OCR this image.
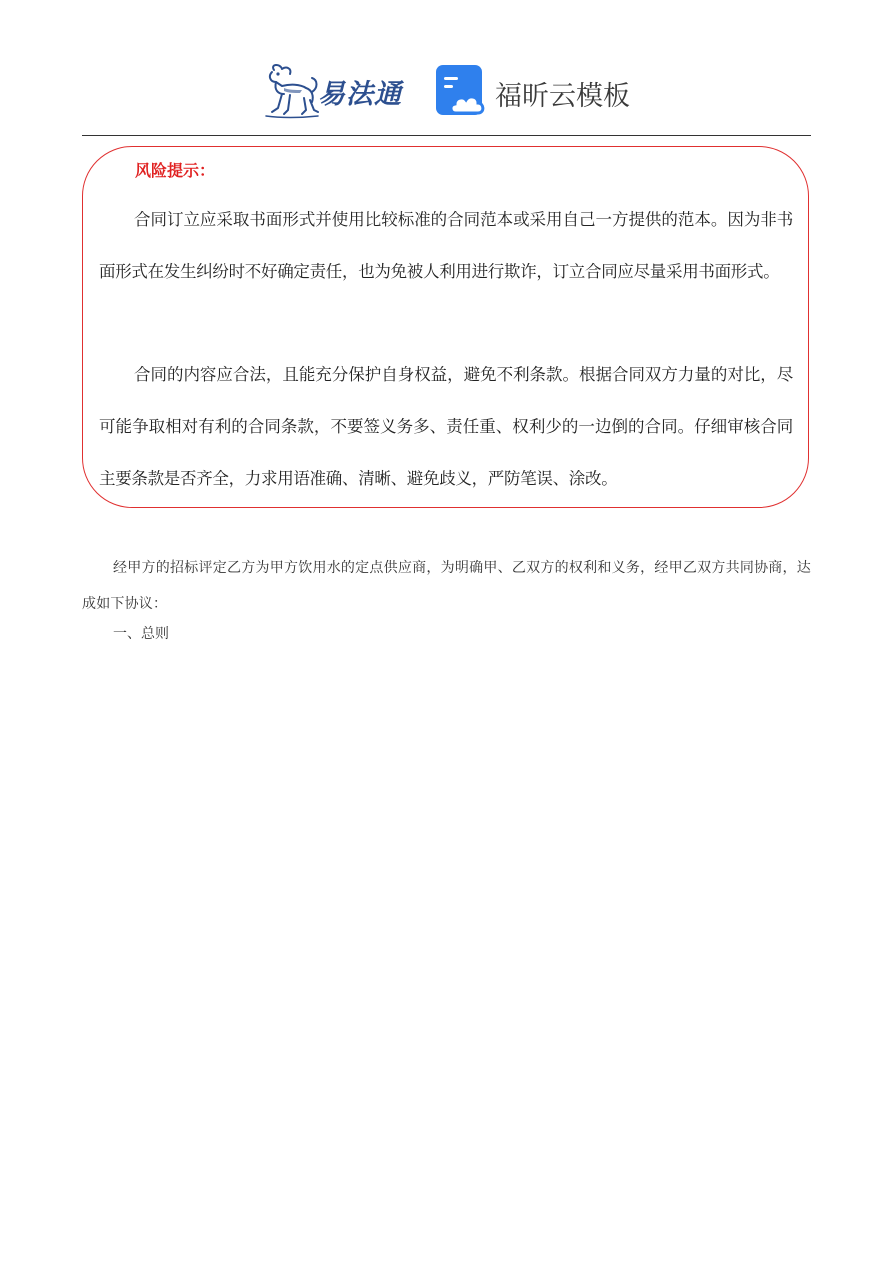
易法通	福昕云模板
风险提示：

合同订立应采取书面形式并使用比较标准的合同范本或采用自己一方提供的范本。因为非书面形式在发生纠纷时不好确定责任，也为免被人利用进行欺诈，订立合同应尽量采用书面形式。

合同的内容应合法，且能充分保护自身权益，避免不利条款。根据合同双方力量的对比，尽可能争取相对有利的合同条款，不要签义务多、责任重、权利少的一边倒的合同。仔细审核合同主要条款是否齐全，力求用语准确、清晰、避免歧义，严防笔误、涂改。

经甲方的招标评定乙方为甲方饮用水的定点供应商，为明确甲、乙双方的权利和义务，经甲乙双方共同协商，达成如下协议：

一、总则
